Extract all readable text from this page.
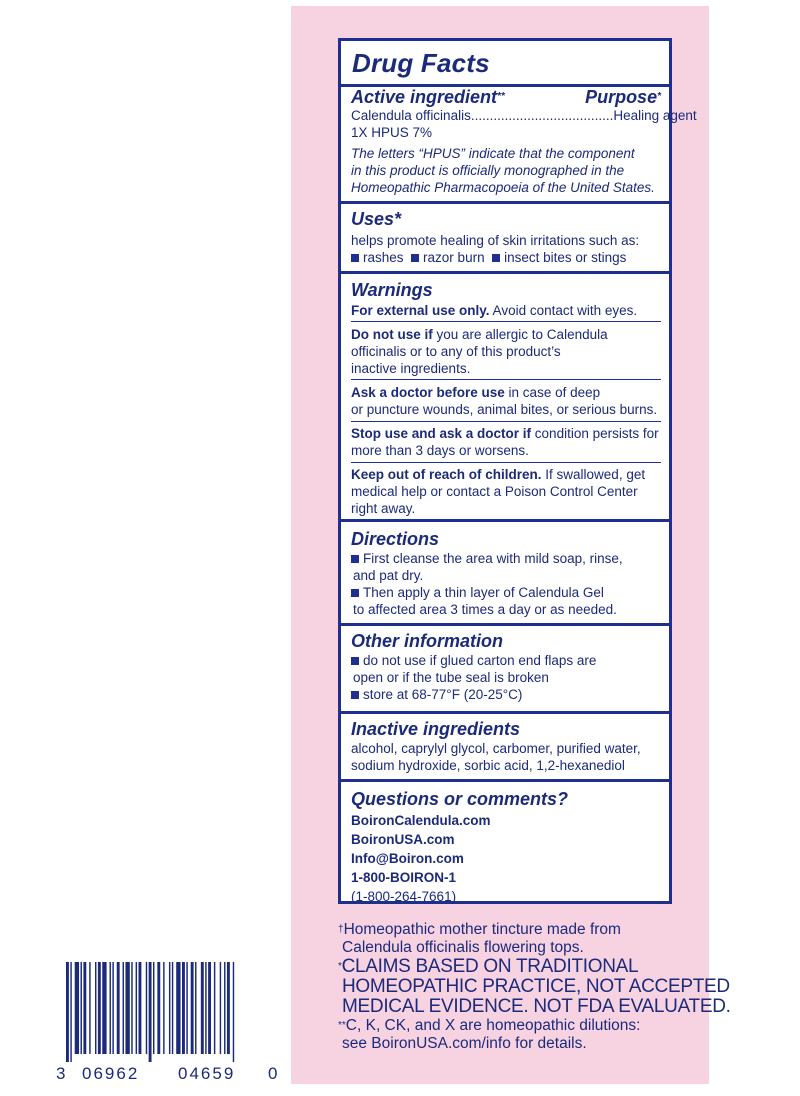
Drug Facts
Active ingredient**	Purpose*
Calendula officinalis......................................Healing agent
1X HPUS 7%
The letters “HPUS” indicate that the component
in this product is officially monographed in the
Homeopathic Pharmacopoeia of the United States.
Uses*
helps promote healing of skin irritations such as:
rashes razor burn insect bites or stings
Warnings
For external use only. Avoid contact with eyes.
Do not use if you are allergic to Calendula
officinalis or to any of this product’s
inactive ingredients.
Ask a doctor before use in case of deep
or puncture wounds, animal bites, or serious burns.
Stop use and ask a doctor if condition persists for
more than 3 days or worsens.
Keep out of reach of children. If swallowed, get
medical help or contact a Poison Control Center
right away.
Directions
First cleanse the area with mild soap, rinse,
and pat dry.
Then apply a thin layer of Calendula Gel
to affected area 3 times a day or as needed.
Other information
do not use if glued carton end flaps are
open or if the tube seal is broken
store at 68-77°F (20-25°C)
Inactive ingredients
alcohol, caprylyl glycol, carbomer, purified water,
sodium hydroxide, sorbic acid, 1,2-hexanediol
Questions or comments?
BoironCalendula.com
BoironUSA.com
Info@Boiron.com
1-800-BOIRON-1
(1-800-264-7661)
†Homeopathic mother tincture made from
Calendula officinalis flowering tops.
*CLAIMS BASED ON TRADITIONAL
HOMEOPATHIC PRACTICE, NOT ACCEPTED
MEDICAL EVIDENCE. NOT FDA EVALUATED.
**C, K, CK, and X are homeopathic dilutions:
see BoironUSA.com/info for details.
3 06962 04659 0
